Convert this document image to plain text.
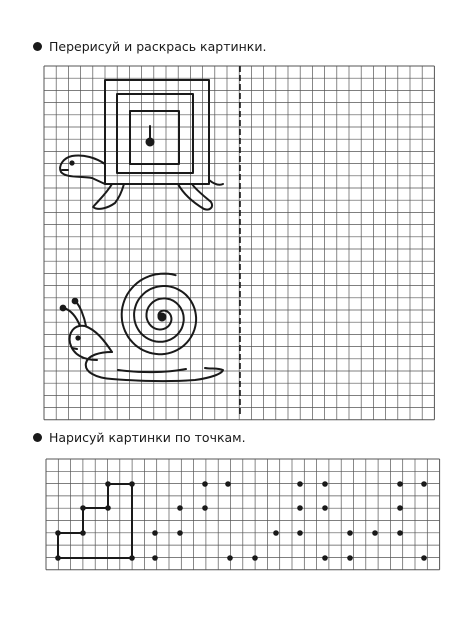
Перерисуй и раскрась картинки.
Нарисуй картинки по точкам.
